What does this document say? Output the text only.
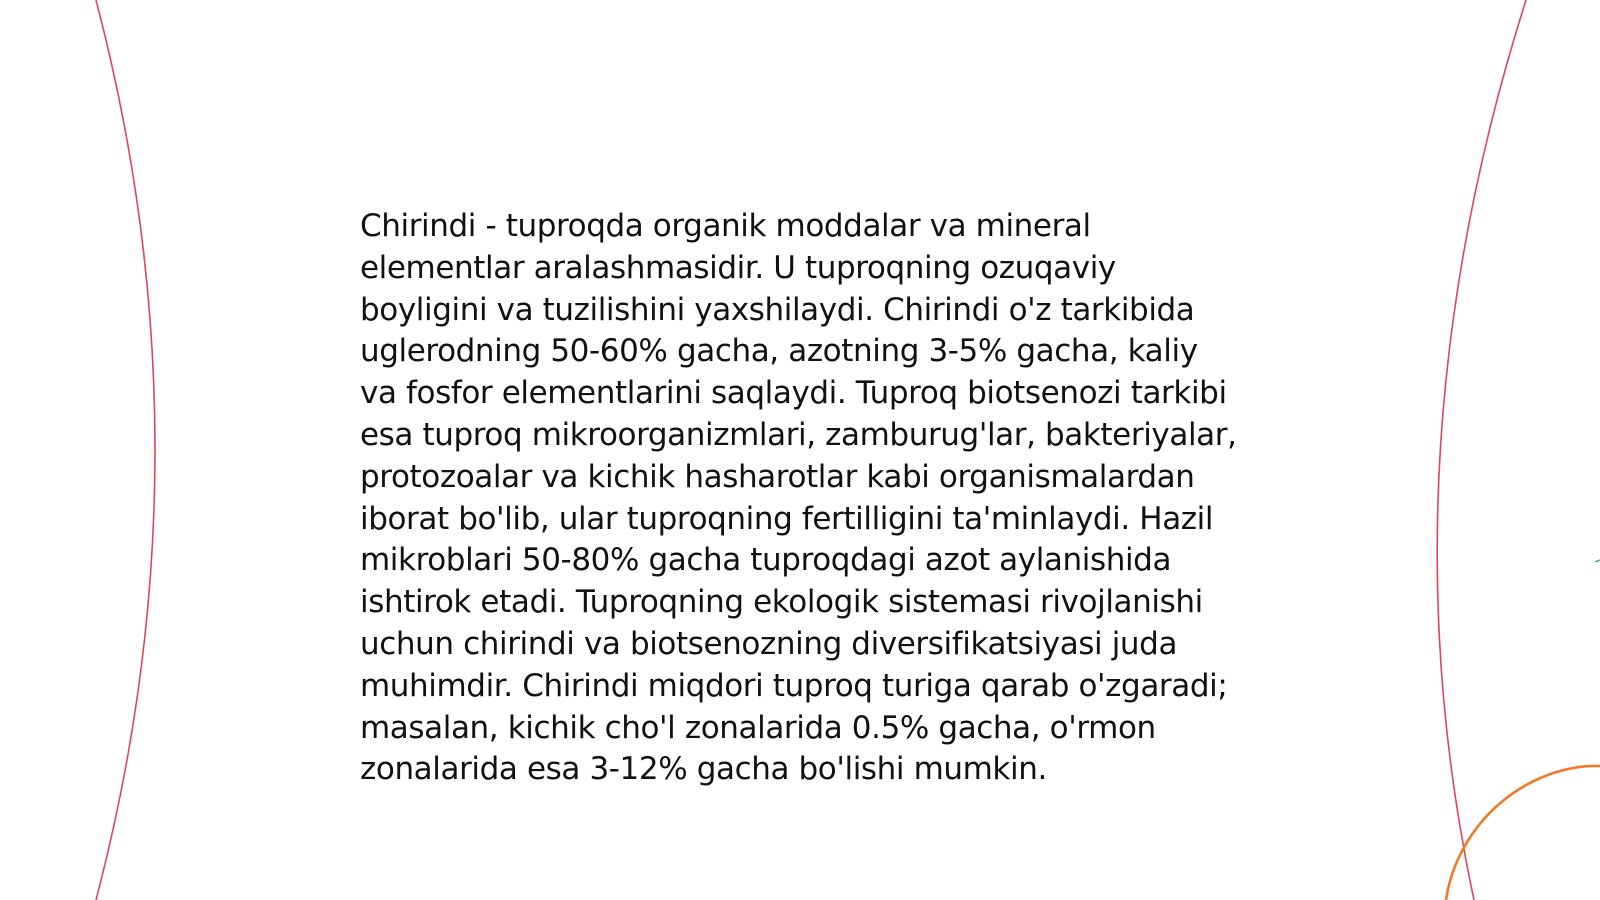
Chirindi - tuproqda organik moddalar va mineral elementlar aralashmasidir. U tuproqning ozuqaviy boyligini va tuzilishini yaxshilaydi. Chirindi o'z tarkibida uglerodning 50-60% gacha, azotning 3-5% gacha, kaliy va fosfor elementlarini saqlaydi. Tuproq biotsenozi tarkibi esa tuproq mikroorganizmlari, zamburug'lar, bakteriyalar, protozoalar va kichik hasharotlar kabi organismalardan iborat bo'lib, ular tuproqning fertilligini ta'minlaydi. Hazil mikroblari 50-80% gacha tuproqdagi azot aylanishida ishtirok etadi. Tuproqning ekologik sistemasi rivojlanishi uchun chirindi va biotsenozning diversifikatsiyasi juda muhimdir. Chirindi miqdori tuproq turiga qarab o'zgaradi; masalan, kichik cho'l zonalarida 0.5% gacha, o'rmon zonalarida esa 3-12% gacha bo'lishi mumkin.
